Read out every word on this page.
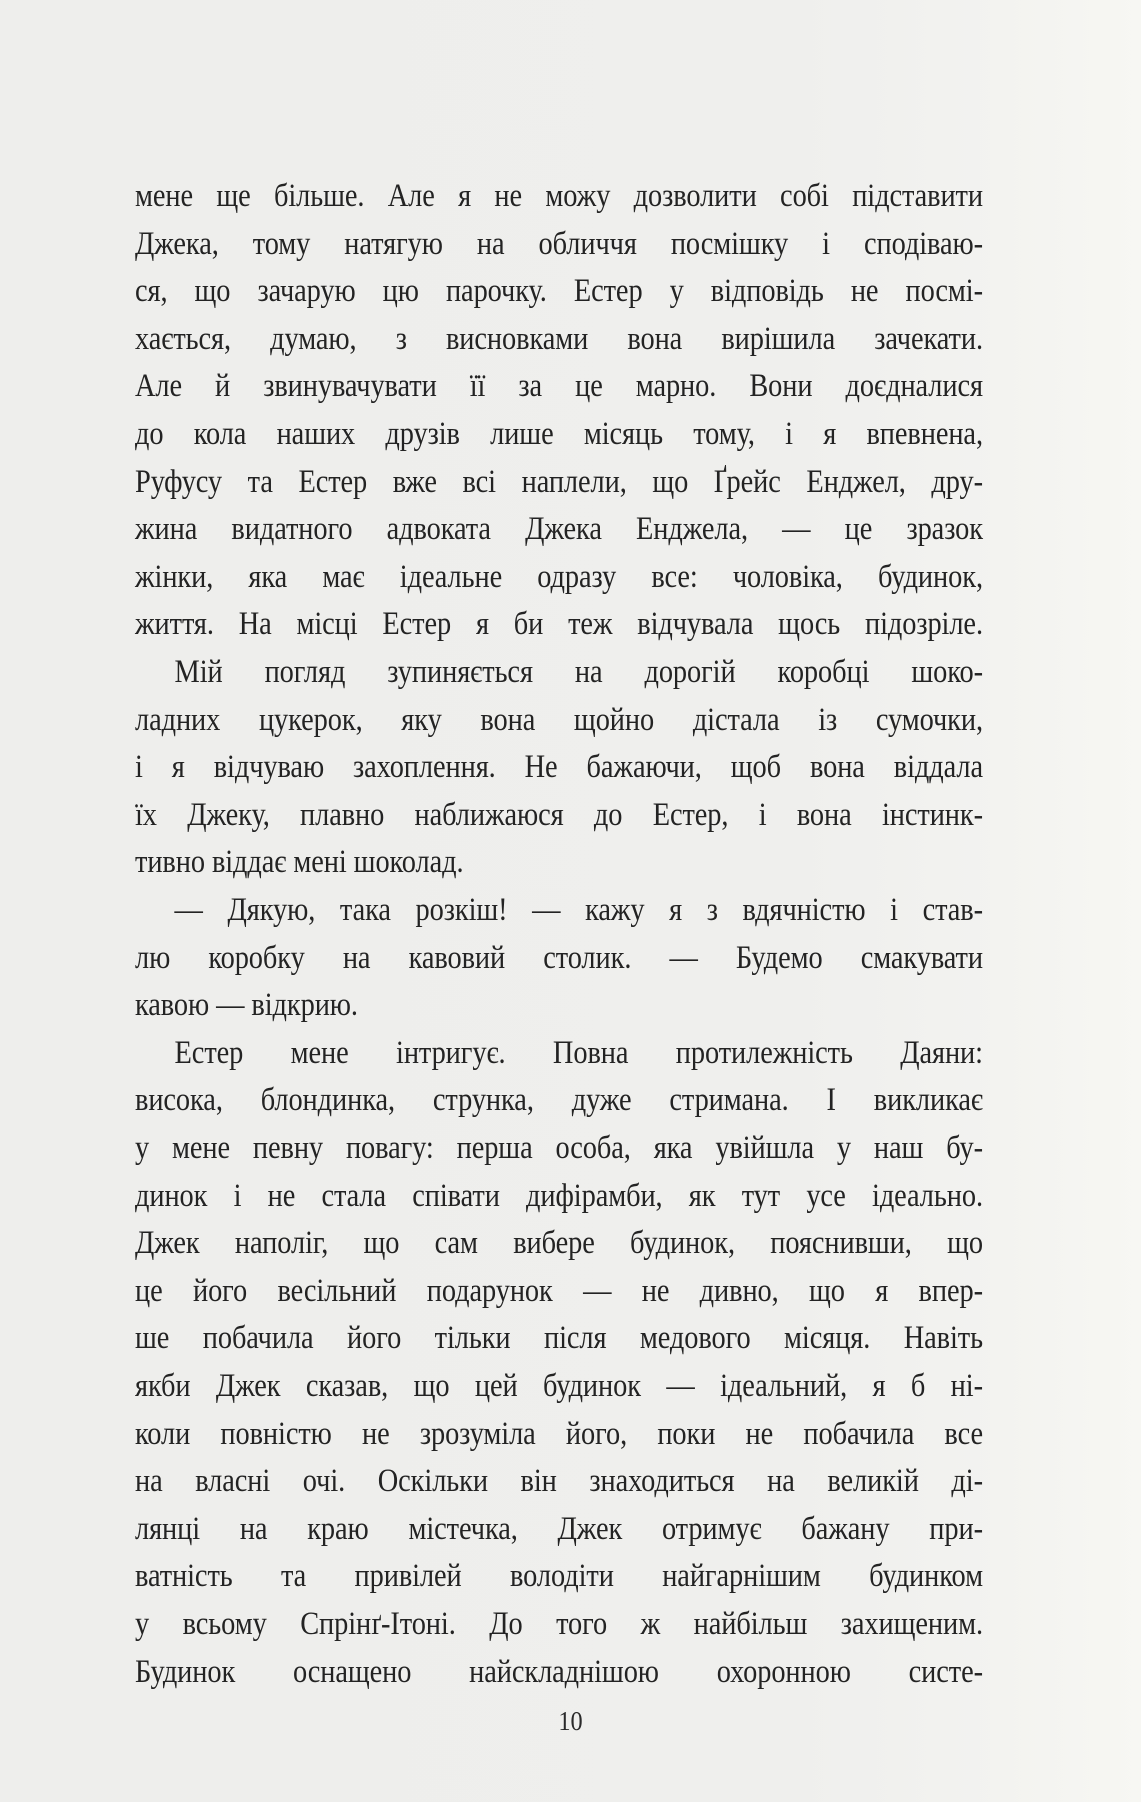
мене ще більше. Але я не можу дозволити собі підставити
Джека, тому натягую на обличчя посмішку і сподіваю-
ся, що зачарую цю парочку. Естер у відповідь не посмі-
хається, думаю, з висновками вона вирішила зачекати.
Але й звинувачувати її за це марно. Вони доєдналися
до кола наших друзів лише місяць тому, і я впевнена,
Руфусу та Естер вже всі наплели, що Ґрейс Енджел, дру-
жина видатного адвоката Джека Енджела, — це зразок
жінки, яка має ідеальне одразу все: чоловіка, будинок,
життя. На місці Естер я би теж відчувала щось підозріле.
Мій погляд зупиняється на дорогій коробці шоко-
ладних цукерок, яку вона щойно дістала із сумочки,
і я відчуваю захоплення. Не бажаючи, щоб вона віддала
їх Джеку, плавно наближаюся до Естер, і вона інстинк-
тивно віддає мені шоколад.
— Дякую, така розкіш! — кажу я з вдячністю і став-
лю коробку на кавовий столик. — Будемо смакувати
кавою — відкрию.
Естер мене інтригує. Повна протилежність Даяни:
висока, блондинка, струнка, дуже стримана. І викликає
у мене певну повагу: перша особа, яка увійшла у наш бу-
динок і не стала співати дифірамби, як тут усе ідеально.
Джек наполіг, що сам вибере будинок, пояснивши, що
це його весільний подарунок — не дивно, що я впер-
ше побачила його тільки після медового місяця. Навіть
якби Джек сказав, що цей будинок — ідеальний, я б ні-
коли повністю не зрозуміла його, поки не побачила все
на власні очі. Оскільки він знаходиться на великій ді-
лянці на краю містечка, Джек отримує бажану при-
ватність та привілей володіти найгарнішим будинком
у всьому Спрінґ-Ітоні. До того ж найбільш захищеним.
Будинок оснащено найскладнішою охоронною систе-
10
